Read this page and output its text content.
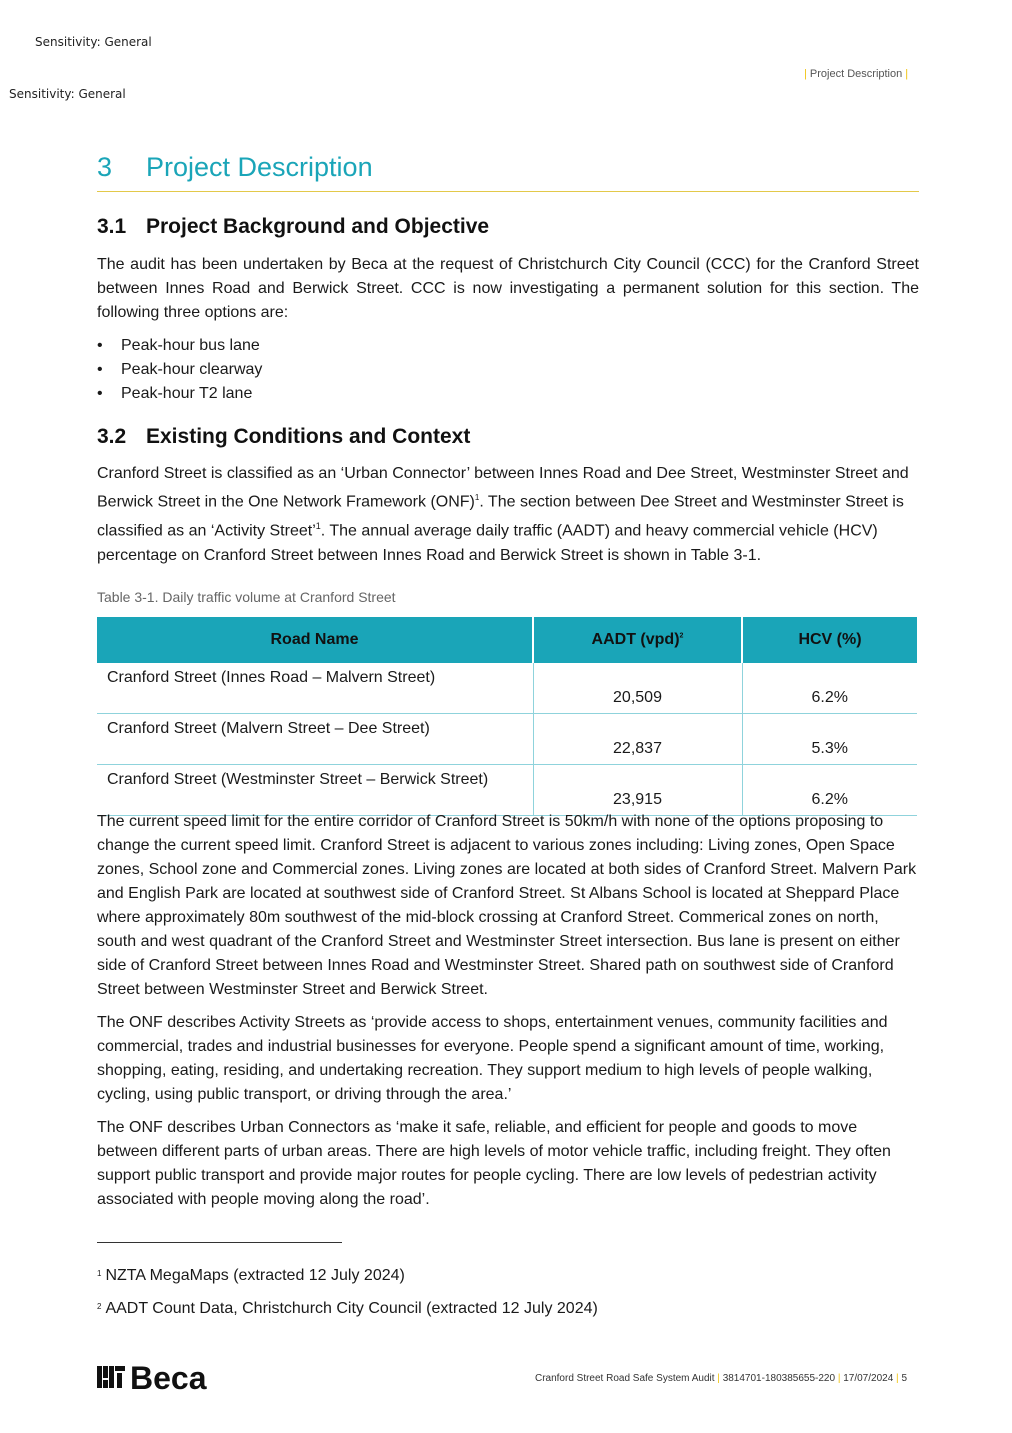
Sensitivity: General
| Project Description |
Sensitivity: General
3 Project Description
3.1 Project Background and Objective
The audit has been undertaken by Beca at the request of Christchurch City Council (CCC) for the Cranford Street between Innes Road and Berwick Street. CCC is now investigating a permanent solution for this section. The following three options are:
• Peak-hour bus lane
• Peak-hour clearway
• Peak-hour T2 lane
3.2 Existing Conditions and Context
Cranford Street is classified as an ‘Urban Connector’ between Innes Road and Dee Street, Westminster Street and Berwick Street in the One Network Framework (ONF)$^1$. The section between Dee Street and Westminster Street is classified as an ‘Activity Street’$^1$. The annual average daily traffic (AADT) and heavy commercial vehicle (HCV) percentage on Cranford Street between Innes Road and Berwick Street is shown in Table 3-1.
Table 3-1. Daily traffic volume at Cranford Street
Road Name	AADT (vpd)$^2$	HCV (%)
Cranford Street (Innes Road – Malvern Street)	20,509	6.2%
Cranford Street (Malvern Street – Dee Street)	22,837	5.3%
Cranford Street (Westminster Street – Berwick Street)	23,915	6.2%
The current speed limit for the entire corridor of Cranford Street is 50km/h with none of the options proposing to change the current speed limit. Cranford Street is adjacent to various zones including: Living zones, Open Space zones, School zone and Commercial zones. Living zones are located at both sides of Cranford Street. Malvern Park and English Park are located at southwest side of Cranford Street. St Albans School is located at Sheppard Place where approximately 80m southwest of the mid-block crossing at Cranford Street. Commerical zones on north, south and west quadrant of the Cranford Street and Westminster Street intersection. Bus lane is present on either side of Cranford Street between Innes Road and Westminster Street. Shared path on southwest side of Cranford Street between Westminster Street and Berwick Street.
The ONF describes Activity Streets as ‘provide access to shops, entertainment venues, community facilities and commercial, trades and industrial businesses for everyone. People spend a significant amount of time, working, shopping, eating, residing, and undertaking recreation. They support medium to high levels of people walking, cycling, using public transport, or driving through the area.’
The ONF describes Urban Connectors as ‘make it safe, reliable, and efficient for people and goods to move between different parts of urban areas. There are high levels of motor vehicle traffic, including freight. They often support public transport and provide major routes for people cycling. There are low levels of pedestrian activity associated with people moving along the road’.
$^1$ NZTA MegaMaps (extracted 12 July 2024)
$^2$ AADT Count Data, Christchurch City Council (extracted 12 July 2024)
Beca	Cranford Street Road Safe System Audit | 3814701-180385655-220 | 17/07/2024 | 5
